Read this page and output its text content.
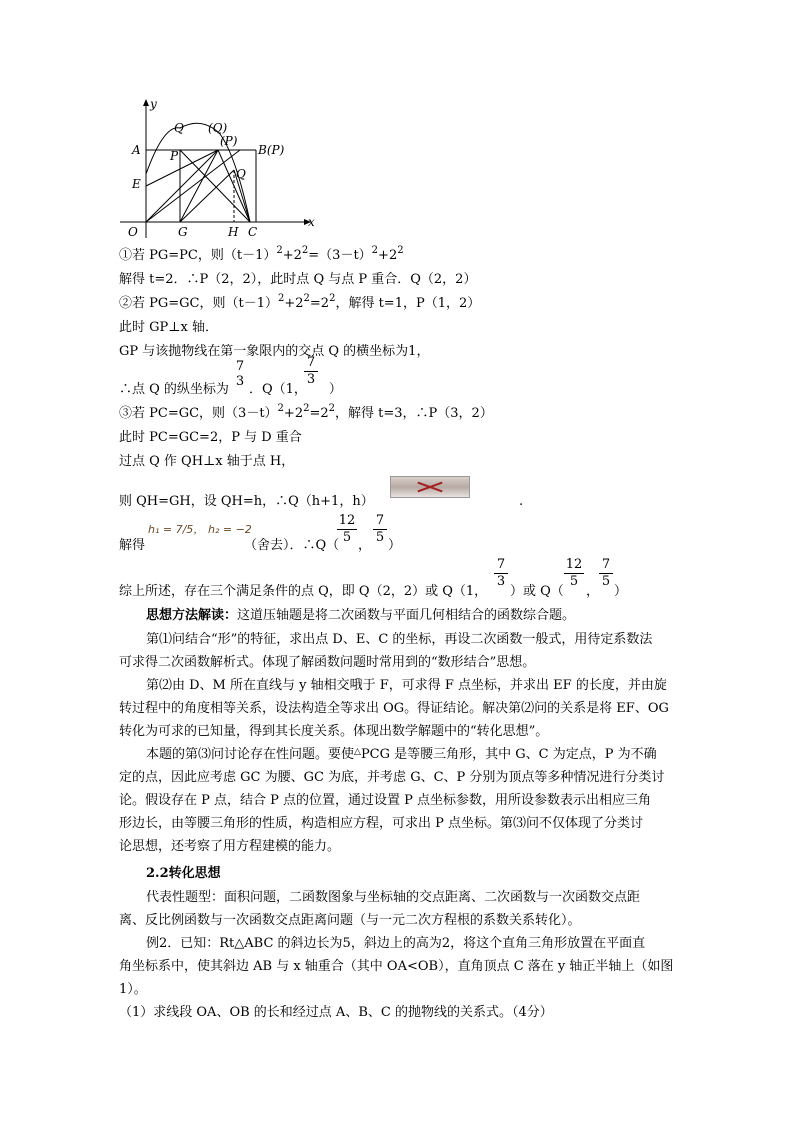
y
x
O	G	H C
A
E
Q (Q)
(P)
B(P)
P
Q
①若 PG=PC，则$(t-1)^2+2^2=(3-t)^2+2^2$
解得 t=2．∴P（2，2），此时点 Q 与点 P 重合．Q（2，2）
②若 PG=GC，则$(t-1)^2+2^2=2^2$，解得 t=1，P（1，2）
此时 GP⊥x 轴．
GP 与该抛物线在第一象限内的交点 Q 的横坐标为1，
∴点 Q 的纵坐标为 ．Q（1， ）
7
3
7
3
③若 PC=GC，则$(3-t)^2+2^2=2^2$，解得 t=3，∴P（3，2）
此时 PC=GC=2，P 与 D 重合
过点 Q 作 QH⊥x 轴于点 H，
则 QH=GH，设 QH=h，∴Q（h+1，h）	.
解得
h₁ = 7/5， h₂ = −2
（舍去）．∴Q（
12
5
，
7
5
）
综上所述，存在三个满足条件的点 Q，即 Q（2，2）或 Q（1，
7
3
）或 Q（
12
5
，
7
5
）
思想方法解读：这道压轴题是将二次函数与平面几何相结合的函数综合题。
第⑴问结合“形”的特征，求出点 D、E、C 的坐标，再设二次函数一般式，用待定系数法
可求得二次函数解析式。体现了解函数问题时常用到的“数形结合”思想。
第⑵由 D、M 所在直线与 y 轴相交哦于 F，可求得 F 点坐标，并求出 EF 的长度，并由旋
转过程中的角度相等关系，设法构造全等求出 OG。得证结论。解决第⑵问的关系是将 EF、OG
转化为可求的已知量，得到其长度关系。体现出数学解题中的“转化思想”。
本题的第⑶问讨论存在性问题。要使△PCG 是等腰三角形，其中 G、C 为定点，P 为不确
定的点，因此应考虑 GC 为腰、GC 为底，并考虑 G、C、P 分别为顶点等多种情况进行分类讨
论。假设存在 P 点，结合 P 点的位置，通过设置 P 点坐标参数，用所设参数表示出相应三角
形边长，由等腰三角形的性质，构造相应方程，可求出 P 点坐标。第⑶问不仅体现了分类讨
论思想，还考察了用方程建模的能力。
2.2转化思想
代表性题型：面积问题，二函数图象与坐标轴的交点距离、二次函数与一次函数交点距
离、反比例函数与一次函数交点距离问题（与一元二次方程根的系数关系转化）。
例2．已知：Rt△ABC 的斜边长为5，斜边上的高为2，将这个直角三角形放置在平面直
角坐标系中，使其斜边 AB 与 x 轴重合（其中 OA<OB），直角顶点 C 落在 y 轴正半轴上（如图
1）。
（1）求线段 OA、OB 的长和经过点 A、B、C 的抛物线的关系式。（4分）
